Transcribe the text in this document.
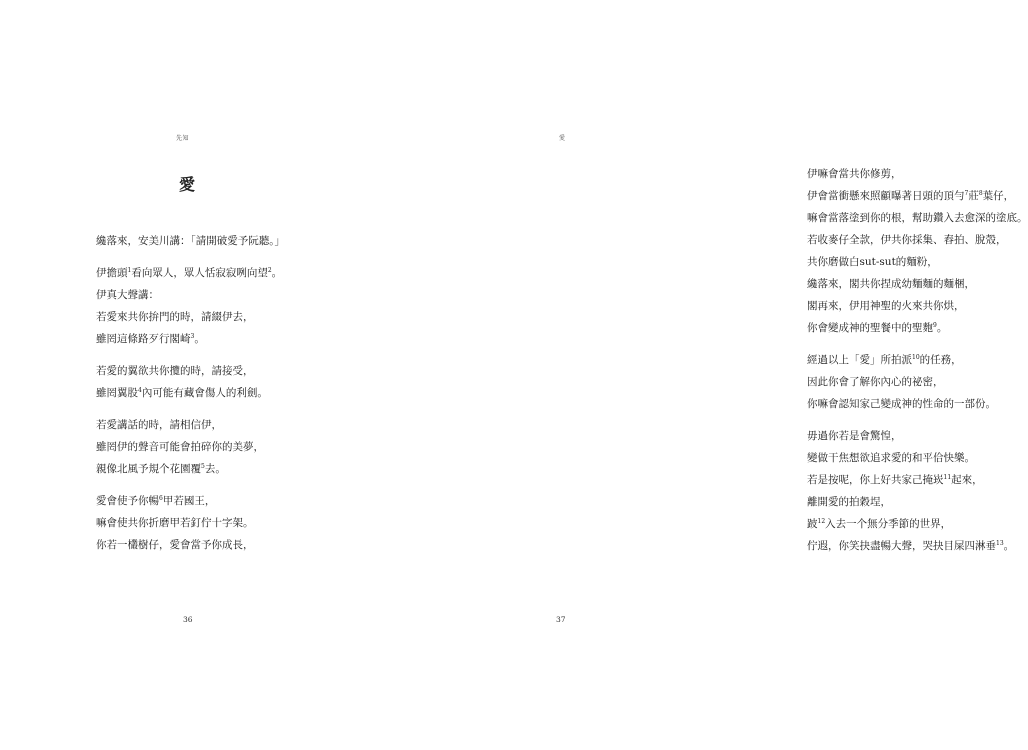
先知
愛
纔落來，安美川講：「請開破愛予阮聽。」
伊擔頭$^1$看向眾人，眾人恬寂寂咧向望$^2$。
伊真大聲講：
若愛來共你拚門的時，請綴伊去，
雖罔這條路歹行閣崎$^3$。
若愛的翼欲共你攬的時，請接受，
雖罔翼股$^4$內可能有藏會傷人的利劍。
若愛講話的時，請相信伊，
雖罔伊的聲音可能會拍碎你的美夢，
親像北風予規个花園覆$^5$去。
愛會使予你暢$^6$甲若國王，
嘛會使共你折磨甲若釘佇十字架。
你若一欉樹仔，愛會當予你成長，
36
愛
伊嘛會當共你修剪，
伊會當衝懸來照顧曝著日頭的頂勻$^7$莊$^8$葉仔，
嘛會當落塗到你的根，幫助鑽入去愈深的塗底。
若收麥仔全款，伊共你採集、舂拍、脫殼，
共你磨做白sut-sut的麵粉，
纔落來，閣共你捏成幼麵麵的麵梱，
閣再來，伊用神聖的火來共你烘，
你會變成神的聖餐中的聖麭$^9$。
經過以上「愛」所拍派$^{10}$的任務，
因此你會了解你內心的祕密，
你嘛會認知家己變成神的性命的一部份。
毋過你若是會驚惶，
變做干焦想欲追求愛的和平佮快樂。
若是按呢，你上好共家己掩崁$^{11}$起來，
離開愛的拍穀埕，
跛$^{12}$入去一个無分季節的世界，
佇遐，你笑抉盡暢大聲，哭抉目屎四淋垂$^{13}$。
37
